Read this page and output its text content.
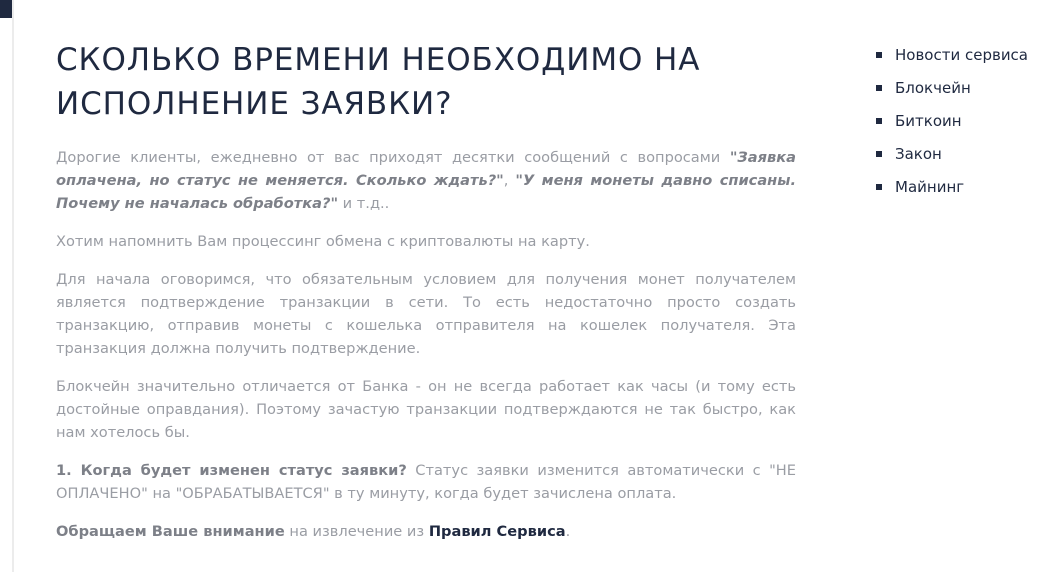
СКОЛЬКО ВРЕМЕНИ НЕОБХОДИМО НА ИСПОЛНЕНИЕ ЗАЯВКИ?

Дорогие клиенты, ежедневно от вас приходят десятки сообщений с вопросами "Заявка оплачена, но статус не меняется. Сколько ждать?", "У меня монеты давно списаны. Почему не началась обработка?" и т.д..

Хотим напомнить Вам процессинг обмена с криптовалюты на карту.

Для начала оговоримся, что обязательным условием для получения монет получателем является подтверждение транзакции в сети. То есть недостаточно просто создать транзакцию, отправив монеты с кошелька отправителя на кошелек получателя. Эта транзакция должна получить подтверждение.

Блокчейн значительно отличается от Банка - он не всегда работает как часы (и тому есть достойные оправдания). Поэтому зачастую транзакции подтверждаются не так быстро, как нам хотелось бы.

1. Когда будет изменен статус заявки? Статус заявки изменится автоматически с "НЕ ОПЛАЧЕНО" на "ОБРАБАТЫВАЕТСЯ" в ту минуту, когда будет зачислена оплата.

Обращаем Ваше внимание на извлечение из Правил Сервиса.

Новости сервиса
Блокчейн
Биткоин
Закон
Майнинг
